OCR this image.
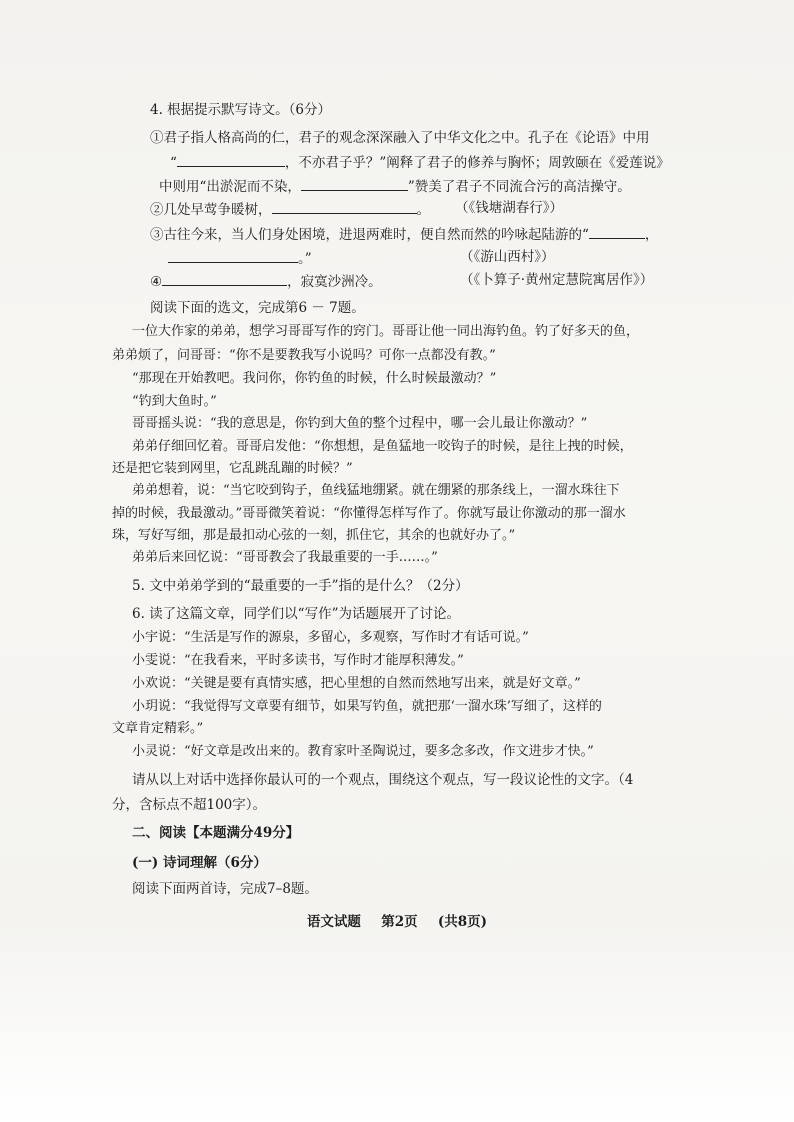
4. 根据提示默写诗文。（6分）
①君子指人格高尚的仁，君子的观念深深融入了中华文化之中。孔子在《论语》中用
“	，不亦君子乎？”阐释了君子的修养与胸怀；周敦颐在《爱莲说》
中则用“出淤泥而不染，	”赞美了君子不同流合污的高洁操守。
②几处早莺争暖树，	。 （《钱塘湖春行》）
③古往今来，当人们身处困境，进退两难时，便自然而然的吟咏起陆游的“	，
。”	（《游山西村》）
④	，寂寞沙洲冷。	（《卜算子·黄州定慧院寓居作》）
阅读下面的选文，完成第6 － 7题。
一位大作家的弟弟，想学习哥哥写作的窍门。哥哥让他一同出海钓鱼。钓了好多天的鱼，
弟弟烦了，问哥哥：“你不是要教我写小说吗？可你一点都没有教。”
“那现在开始教吧。我问你，你钓鱼的时候，什么时候最激动？”
“钓到大鱼时。”
哥哥摇头说：“我的意思是，你钓到大鱼的整个过程中，哪一会儿最让你激动？”
弟弟仔细回忆着。哥哥启发他：“你想想，是鱼猛地一咬钩子的时候，是往上拽的时候，
还是把它装到网里，它乱跳乱蹦的时候？”
弟弟想着，说：“当它咬到钩子，鱼线猛地绷紧。就在绷紧的那条线上，一溜水珠往下
掉的时候，我最激动。”哥哥微笑着说：“你懂得怎样写作了。你就写最让你激动的那一溜水
珠，写好写细，那是最扣动心弦的一刻，抓住它，其余的也就好办了。”
弟弟后来回忆说：“哥哥教会了我最重要的一手……。”
5. 文中弟弟学到的“最重要的一手”指的是什么？（2分）
6. 读了这篇文章，同学们以“写作”为话题展开了讨论。
小宇说：“生活是写作的源泉，多留心，多观察，写作时才有话可说。”
小雯说：“在我看来，平时多读书，写作时才能厚积薄发。”
小欢说：“关键是要有真情实感，把心里想的自然而然地写出来，就是好文章。”
小玥说：“我觉得写文章要有细节，如果写钓鱼，就把那‘一溜水珠’写细了，这样的
文章肯定精彩。”
小灵说：“好文章是改出来的。教育家叶圣陶说过，要多念多改，作文进步才快。”
请从以上对话中选择你最认可的一个观点，围绕这个观点，写一段议论性的文字。（4
分，含标点不超100字）。
二、阅读【本题满分49分】
(一) 诗词理解（6分）
阅读下面两首诗，完成7–8题。
语文试题 第2页 (共8页)
